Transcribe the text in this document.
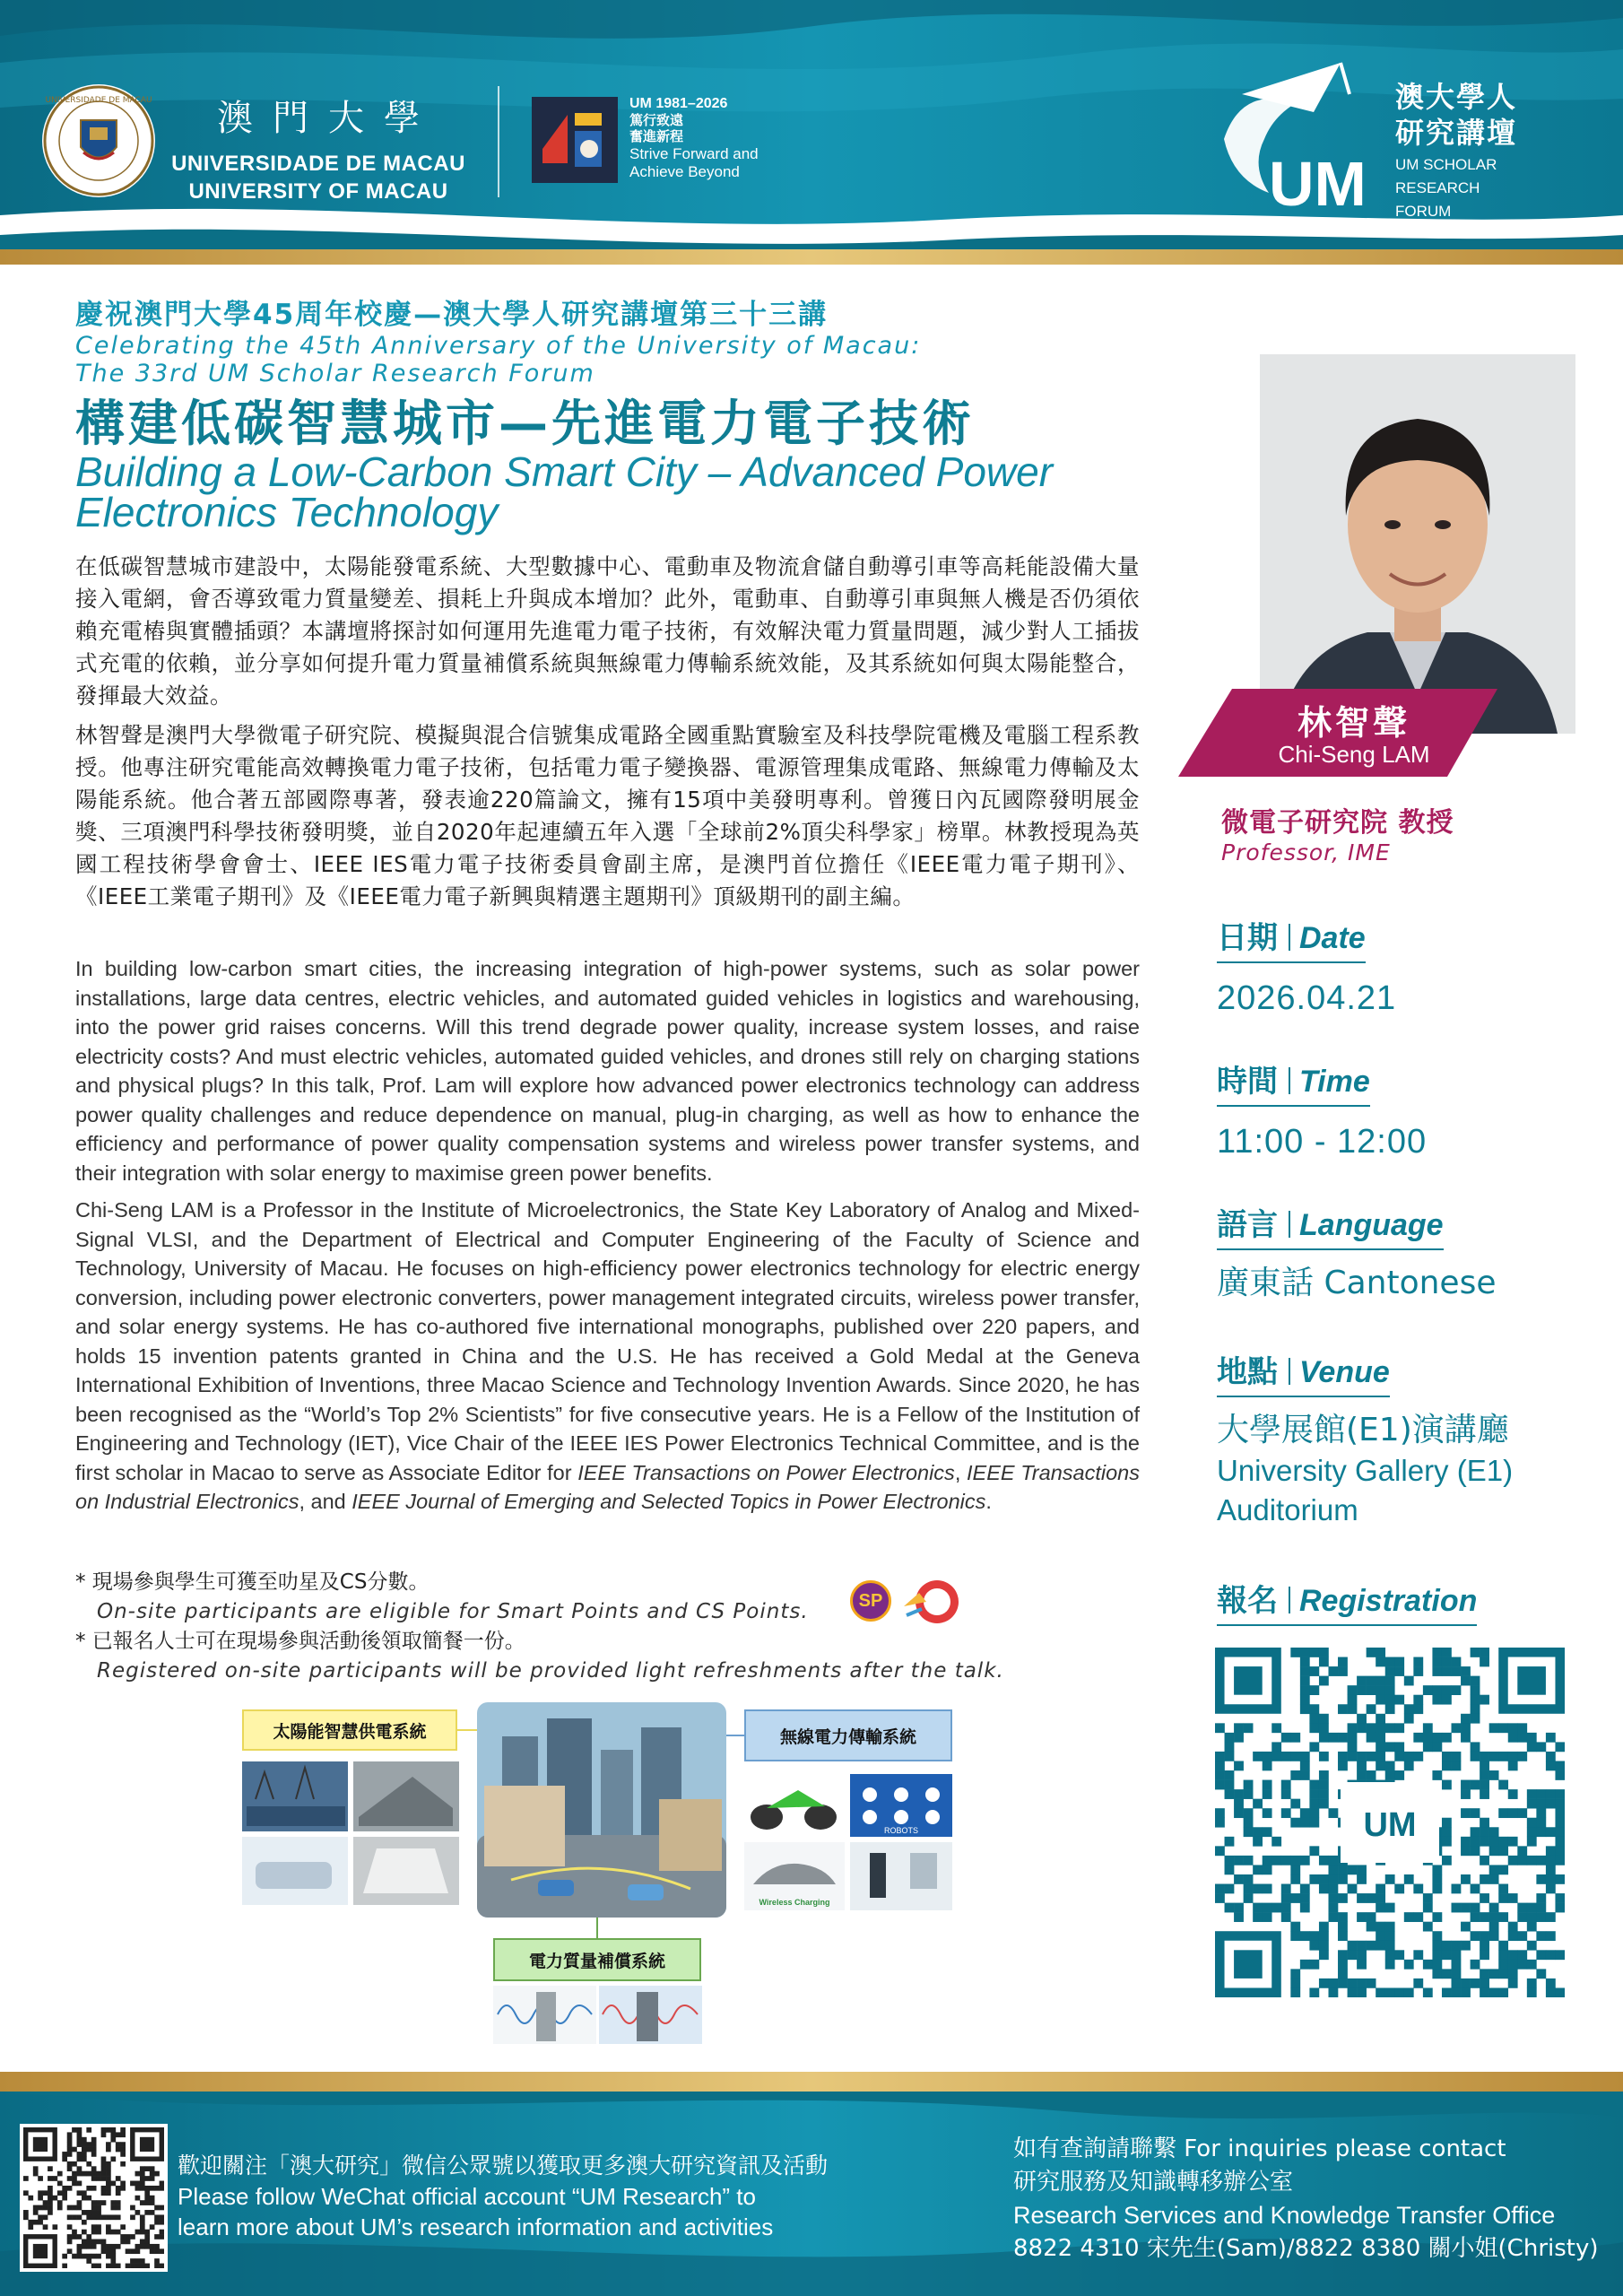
UNIVERSIDADE DE MACAU	澳門大學
UNIVERSIDADE DE MACAU
UNIVERSITY OF MACAU
UM 1981–2026
篤行致遠
奮進新程
Strive Forward and
Achieve Beyond	UM
澳大學人
研究講壇
UM SCHOLAR
RESEARCH
FORUM
慶祝澳門大學45周年校慶—澳大學人研究講壇第三十三講
Celebrating the 45th Anniversary of the University of Macau:
The 33rd UM Scholar Research Forum
構建低碳智慧城市—先進電力電子技術
Building a Low-Carbon Smart City – Advanced Power
Electronics Technology

在低碳智慧城市建設中，太陽能發電系統、大型數據中心、電動車及物流倉儲自動導引車等高耗能設備大量接入電網，會否導致電力質量變差、損耗上升與成本增加？此外，電動車、自動導引車與無人機是否仍須依賴充電樁與實體插頭？本講壇將探討如何運用先進電力電子技術，有效解決電力質量問題，減少對人工插拔式充電的依賴，並分享如何提升電力質量補償系統與無線電力傳輸系統效能，及其系統如何與太陽能整合，發揮最大效益。

林智聲是澳門大學微電子研究院、模擬與混合信號集成電路全國重點實驗室及科技學院電機及電腦工程系教授。他專注研究電能高效轉換電力電子技術，包括電力電子變換器、電源管理集成電路、無線電力傳輸及太陽能系統。他合著五部國際專著，發表逾220篇論文，擁有15項中美發明專利。曾獲日內瓦國際發明展金獎、三項澳門科學技術發明獎，並自2020年起連續五年入選「全球前2%頂尖科學家」榜單。林教授現為英國工程技術學會會士、IEEE IES電力電子技術委員會副主席，是澳門首位擔任《IEEE電力電子期刊》、《IEEE工業電子期刊》及《IEEE電力電子新興與精選主題期刊》頂級期刊的副主編。

In building low-carbon smart cities, the increasing integration of high-power systems, such as solar power installations, large data centres, electric vehicles, and automated guided vehicles in logistics and warehousing, into the power grid raises concerns. Will this trend degrade power quality, increase system losses, and raise electricity costs? And must electric vehicles, automated guided vehicles, and drones still rely on charging stations and physical plugs? In this talk, Prof. Lam will explore how advanced power electronics technology can address power quality challenges and reduce dependence on manual, plug-in charging, as well as how to enhance the efficiency and performance of power quality compensation systems and wireless power transfer systems, and their integration with solar energy to maximise green power benefits.

Chi-Seng LAM is a Professor in the Institute of Microelectronics, the State Key Laboratory of Analog and Mixed-Signal VLSI, and the Department of Electrical and Computer Engineering of the Faculty of Science and Technology, University of Macau. He focuses on high-efficiency power electronics technology for electric energy conversion, including power electronic converters, power management integrated circuits, wireless power transfer, and solar energy systems. He has co-authored five international monographs, published over 220 papers, and holds 15 invention patents granted in China and the U.S. He has received a Gold Medal at the Geneva International Exhibition of Inventions, three Macao Science and Technology Invention Awards. Since 2020, he has been recognised as the “World’s Top 2% Scientists” for five consecutive years. He is a Fellow of the Institution of Engineering and Technology (IET), Vice Chair of the IEEE IES Power Electronics Technical Committee, and is the first scholar in Macao to serve as Associate Editor for IEEE Transactions on Power Electronics, IEEE Transactions on Industrial Electronics, and IEEE Journal of Emerging and Selected Topics in Power Electronics.

* 現場參與學生可獲至叻星及CS分數。
On-site participants are eligible for Smart Points and CS Points.
* 已報名人士可在現場參與活動後領取簡餐一份。
Registered on-site participants will be provided light refreshments after the talk.
SP
ROBOTS
Wireless Charging
太陽能智慧供電系統	無線電力傳輸系統
電力質量補償系統
林智聲
Chi-Seng LAM
微電子研究院 教授
Professor, IME
日期 Date
2026.04.21
時間 Time
11:00 - 12:00
語言 Language
廣東話 Cantonese
地點 Venue
大學展館(E1)演講廳
University Gallery (E1)
Auditorium
報名 Registration
UM
歡迎關注「澳大研究」微信公眾號以獲取更多澳大研究資訊及活動
Please follow WeChat official account “UM Research” to
learn more about UM’s research information and activities
如有查詢請聯繫 For inquiries please contact
研究服務及知識轉移辦公室
Research Services and Knowledge Transfer Office
8822 4310 宋先生(Sam)/8822 8380 關小姐(Christy)
